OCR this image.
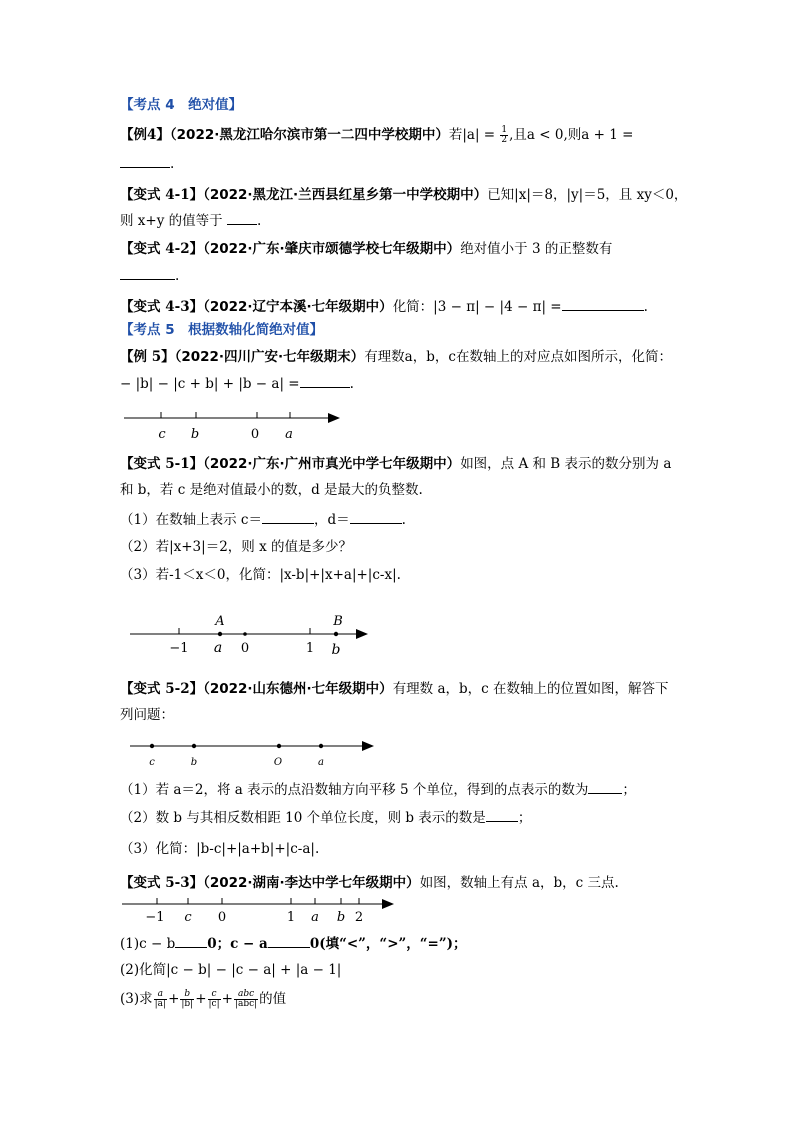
【考点 4　绝对值】
【例4】（2022·黑龙江哈尔滨市第一二四中学校期中）若$|a| = \frac{1}{2}$ ,且a < 0,则a + 1 =
.
【变式 4-1】（2022·黑龙江·兰西县红星乡第一中学校期中）已知|x|＝8，|y|＝5，且 xy＜0，
则 x+y 的值等于	.
【变式 4-2】（2022·广东·肇庆市颂德学校七年级期中）绝对值小于 3 的正整数有
.
【变式 4-3】（2022·辽宁本溪·七年级期中）化简：|3 − π| − |4 − π| =	.
【考点 5　根据数轴化简绝对值】
【例 5】（2022·四川广安·七年级期末）有理数a，b，c在数轴上的对应点如图所示，化简：
− |b| − |c + b| + |b − a| =	.
c b	0 a
【变式 5-1】（2022·广东·广州市真光中学七年级期中）如图，点 A 和 B 表示的数分别为 a
和 b，若 c 是绝对值最小的数，d 是最大的负整数.
（1）在数轴上表示 c＝	，d＝	.
（2）若|x+3|＝2，则 x 的值是多少？
（3）若-1＜x＜0，化简：|x-b|+|x+a|+|c-x|.
A	B
−1 a 0	1 b
【变式 5-2】（2022·山东德州·七年级期中）有理数 a，b，c 在数轴上的位置如图，解答下
列问题：
c	b	O	a
（1）若 a＝2，将 a 表示的点沿数轴方向平移 5 个单位，得到的点表示的数为	；
（2）数 b 与其相反数相距 10 个单位长度，则 b 表示的数是 ；
（3）化简：|b-c|+|a+b|+|c-a|.
【变式 5-3】（2022·湖南·李达中学七年级期中）如图，数轴上有点 a，b，c 三点.
−1 c 0	1 a b 2
(1)c − b 0；c − a	0(填“<”，“>”，“=”)；
(2)化简|c − b| − |c − a| + |a − 1|
(3)求 $\frac{a}{|a|} + \frac{b}{|b|} + \frac{c}{|c|} + \frac{\text{abc}}{\text{|abc|}}$ 的值
